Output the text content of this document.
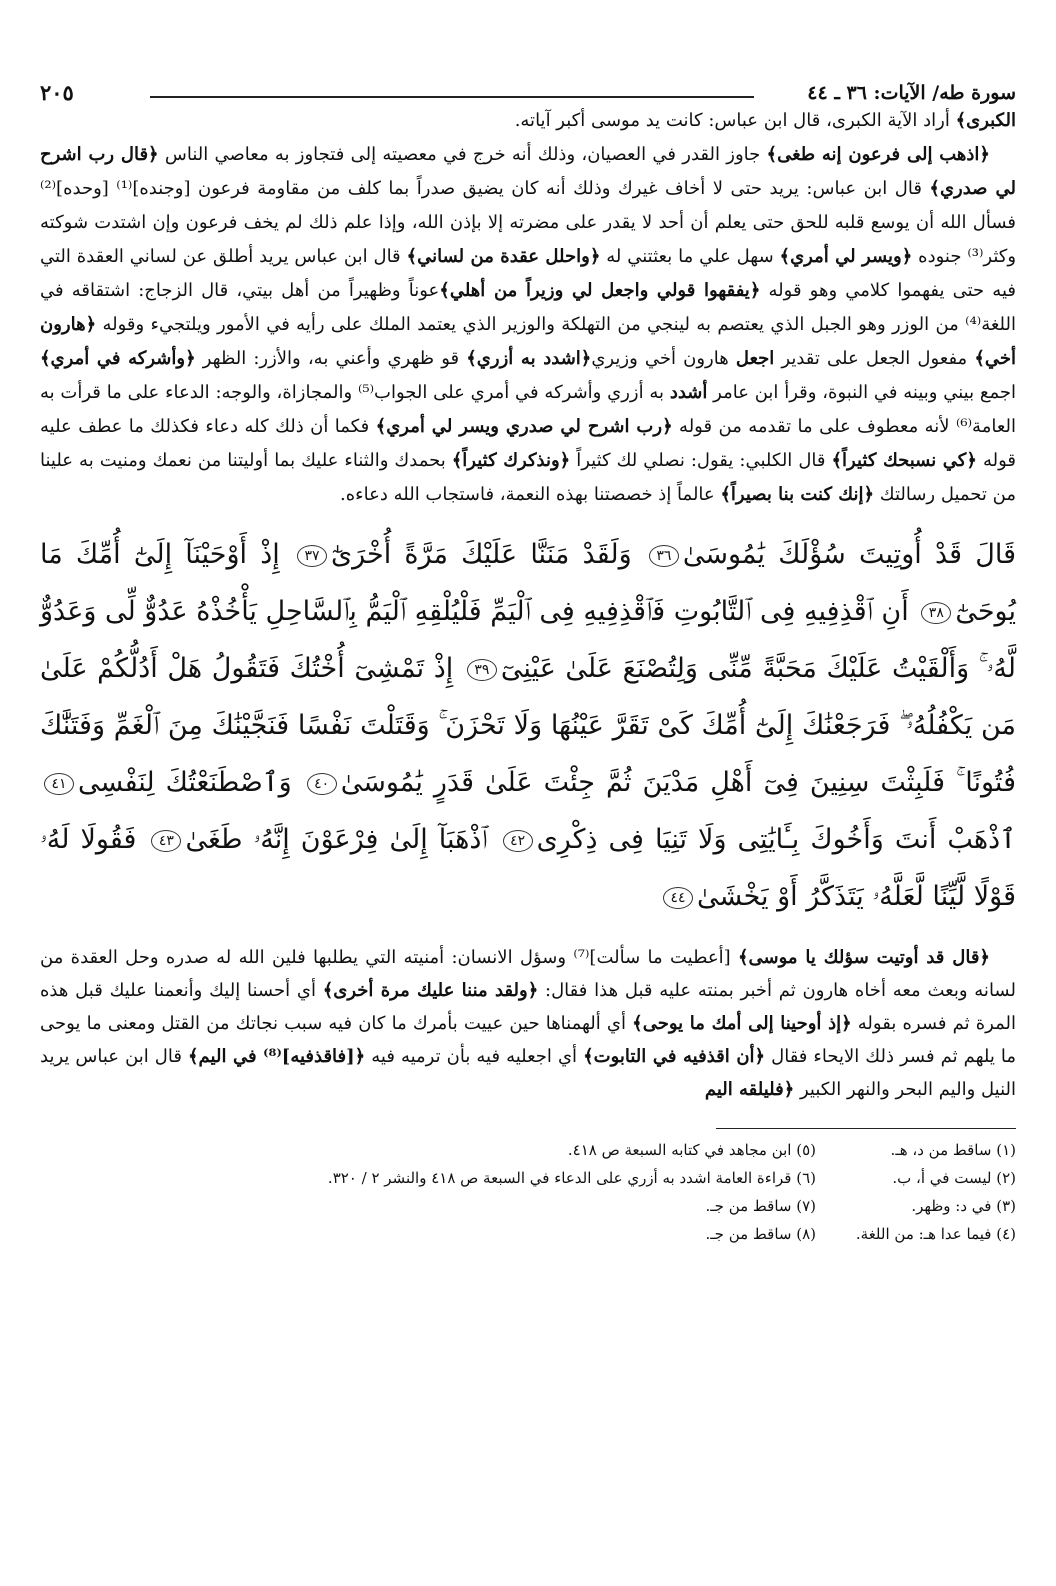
سورة طه/ الآيات: ٣٦ ـ ٤٤
٢٠٥

الكبرى﴾ أراد الآية الكبرى، قال ابن عباس: كانت يد موسى أكبر آياته.

﴿اذهب إلى فرعون إنه طغى﴾ جاوز القدر في العصيان، وذلك أنه خرج في معصيته إلى فتجاوز به معاصي الناس ﴿قال رب اشرح لي صدري﴾ قال ابن عباس: يريد حتى لا أخاف غيرك وذلك أنه كان يضيق صدراً بما كلف من مقاومة فرعون [وجنده]⁽¹⁾ [وحده]⁽²⁾ فسأل الله أن يوسع قلبه للحق حتى يعلم أن أحد لا يقدر على مضرته إلا بإذن الله، وإذا علم ذلك لم يخف فرعون وإن اشتدت شوكته وكثر⁽³⁾ جنوده ﴿ويسر لي أمري﴾ سهل علي ما بعثتني له ﴿واحلل عقدة من لساني﴾ قال ابن عباس يريد أطلق عن لساني العقدة التي فيه حتى يفهموا كلامي وهو قوله ﴿يفقهوا قولي واجعل لي وزيراً من أهلي﴾عوناً وظهيراً من أهل بيتي، قال الزجاج: اشتقاقه في اللغة⁽⁴⁾ من الوزر وهو الجبل الذي يعتصم به لينجي من التهلكة والوزير الذي يعتمد الملك على رأيه في الأمور ويلتجيء وقوله ﴿هارون أخي﴾ مفعول الجعل على تقدير اجعل هارون أخي وزيري﴿اشدد به أزري﴾ قو ظهري وأعني به، والأزر: الظهر ﴿وأشركه في أمري﴾ اجمع بيني وبينه في النبوة، وقرأ ابن عامر أشدد به أزري وأشركه في أمري على الجواب⁽⁵⁾ والمجازاة، والوجه: الدعاء على ما قرأت به العامة⁽⁶⁾ لأنه معطوف على ما تقدمه من قوله ﴿رب اشرح لي صدري ويسر لي أمري﴾ فكما أن ذلك كله دعاء فكذلك ما عطف عليه قوله ﴿كي نسبحك كثيراً﴾ قال الكلبي: يقول: نصلي لك كثيراً ﴿ونذكرك كثيراً﴾ بحمدك والثناء عليك بما أوليتنا من نعمك ومنيت به علينا من تحميل رسالتك ﴿إنك كنت بنا بصيراً﴾ عالماً إذ خصصتنا بهذه النعمة، فاستجاب الله دعاءه.

قَالَ قَدْ أُوتِيتَ سُؤْلَكَ يَٰمُوسَىٰ٣٦ وَلَقَدْ مَنَنَّا عَلَيْكَ مَرَّةً أُخْرَىٰٓ٣٧ إِذْ أَوْحَيْنَآ إِلَىٰٓ أُمِّكَ مَا يُوحَىٰٓ٣٨ أَنِ ٱقْذِفِيهِ فِى ٱلتَّابُوتِ فَٱقْذِفِيهِ فِى ٱلْيَمِّ فَلْيُلْقِهِ ٱلْيَمُّ بِٱلسَّاحِلِ يَأْخُذْهُ عَدُوٌّ لِّى وَعَدُوٌّ لَّهُۥ ۚ وَأَلْقَيْتُ عَلَيْكَ مَحَبَّةً مِّنِّى وَلِتُصْنَعَ عَلَىٰ عَيْنِىٓ٣٩ إِذْ تَمْشِىٓ أُخْتُكَ فَتَقُولُ هَلْ أَدُلُّكُمْ عَلَىٰ مَن يَكْفُلُهُۥ ۖ فَرَجَعْنَٰكَ إِلَىٰٓ أُمِّكَ كَىْ تَقَرَّ عَيْنُهَا وَلَا تَحْزَنَ ۚ وَقَتَلْتَ نَفْسًا فَنَجَّيْنَٰكَ مِنَ ٱلْغَمِّ وَفَتَنَّٰكَ فُتُونًا ۚ فَلَبِثْتَ سِنِينَ فِىٓ أَهْلِ مَدْيَنَ ثُمَّ جِئْتَ عَلَىٰ قَدَرٍ يَٰمُوسَىٰ٤٠ وَٱصْطَنَعْتُكَ لِنَفْسِى٤١ ٱذْهَبْ أَنتَ وَأَخُوكَ بِـَٔايَٰتِى وَلَا تَنِيَا فِى ذِكْرِى٤٢ ٱذْهَبَآ إِلَىٰ فِرْعَوْنَ إِنَّهُۥ طَغَىٰ٤٣ فَقُولَا لَهُۥ قَوْلًا لَّيِّنًا لَّعَلَّهُۥ يَتَذَكَّرُ أَوْ يَخْشَىٰ٤٤

﴿قال قد أوتيت سؤلك يا موسى﴾ [أعطيت ما سألت]⁽⁷⁾ وسؤل الانسان: أمنيته التي يطلبها فلين الله له صدره وحل العقدة من لسانه وبعث معه أخاه هارون ثم أخبر بمنته عليه قبل هذا فقال: ﴿ولقد مننا عليك مرة أخرى﴾ أي أحسنا إليك وأنعمنا عليك قبل هذه المرة ثم فسره بقوله ﴿إذ أوحينا إلى أمك ما يوحى﴾ أي ألهمناها حين عييت بأمرك ما كان فيه سبب نجاتك من القتل ومعنى ما يوحى ما يلهم ثم فسر ذلك الايحاء فقال ﴿أن اقذفيه في التابوت﴾ أي اجعليه فيه بأن ترميه فيه ﴿[فاقذفيه]⁽⁸⁾ في اليم﴾ قال ابن عباس يريد النيل واليم البحر والنهر الكبير ﴿فليلقه اليم

(١) ساقط من د، هـ.
(٥) ابن مجاهد في كتابه السبعة ص ٤١٨.
(٢) ليست في أ، ب.
(٦) قراءة العامة اشدد به أزري على الدعاء في السبعة ص ٤١٨ والنشر ٢ / ٣٢٠.
(٣) في د: وظهر.
(٧) ساقط من جـ.
(٤) فيما عدا هـ: من اللغة.
(٨) ساقط من جـ.
